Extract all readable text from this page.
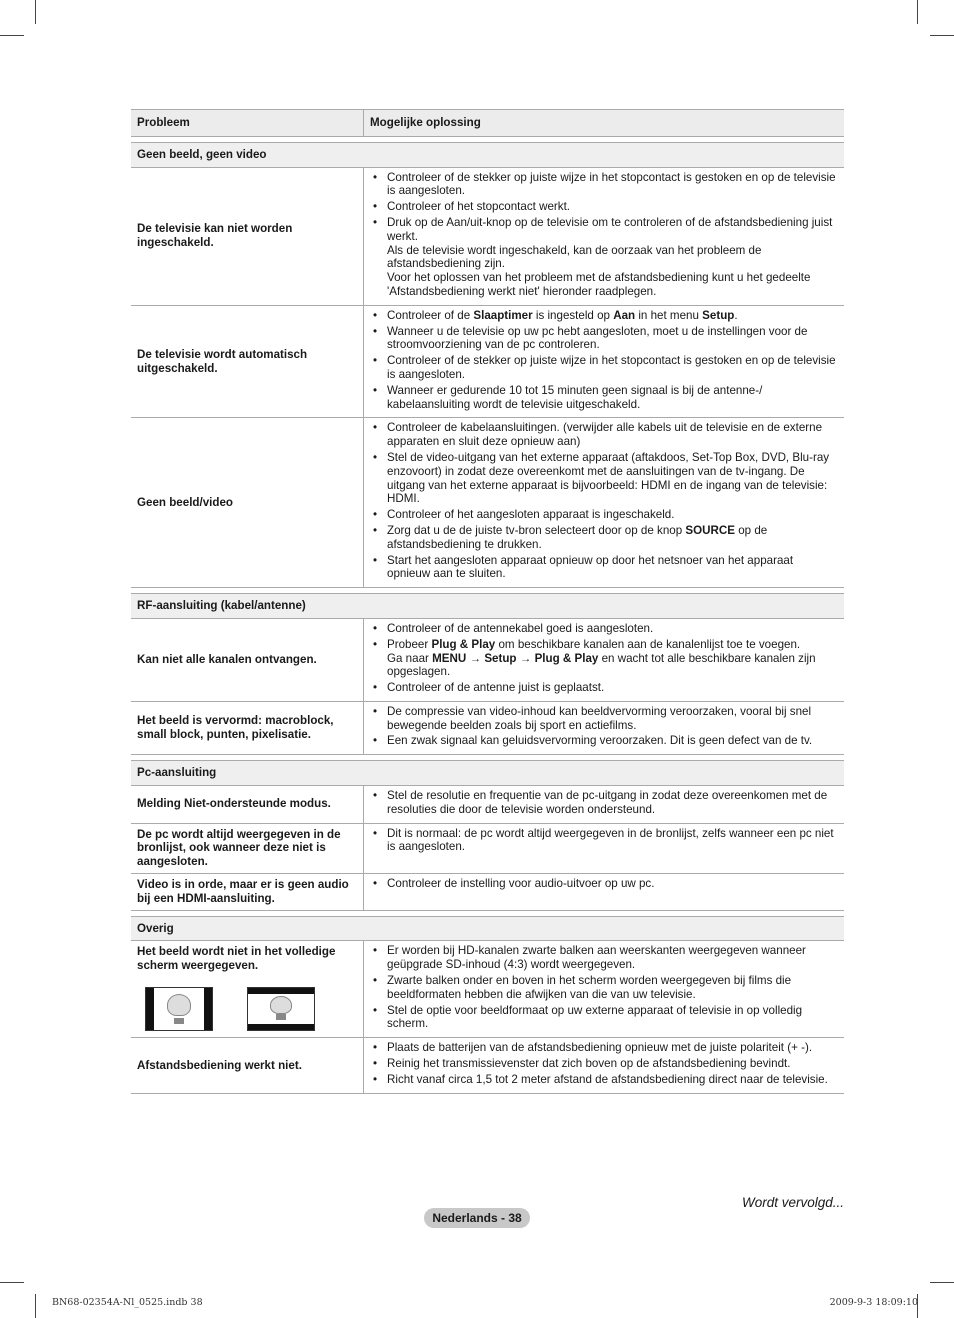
Probleem	Mogelijke oplossing
Geen beeld, geen video
De televisie kan niet worden ingeschakeld.
• Controleer of de stekker op juiste wijze in het stopcontact is gestoken en op de televisie is aangesloten.
• Controleer of het stopcontact werkt.
• Druk op de Aan/uit-knop op de televisie om te controleren of de afstandsbediening juist werkt.
Als de televisie wordt ingeschakeld, kan de oorzaak van het probleem de afstandsbediening zijn.
Voor het oplossen van het probleem met de afstandsbediening kunt u het gedeelte 'Afstandsbediening werkt niet' hieronder raadplegen.
De televisie wordt automatisch uitgeschakeld.
• Controleer of de Slaaptimer is ingesteld op Aan in het menu Setup.
• Wanneer u de televisie op uw pc hebt aangesloten, moet u de instellingen voor de stroomvoorziening van de pc controleren.
• Controleer of de stekker op juiste wijze in het stopcontact is gestoken en op de televisie is aangesloten.
• Wanneer er gedurende 10 tot 15 minuten geen signaal is bij de antenne-/ kabelaansluiting wordt de televisie uitgeschakeld.
Geen beeld/video
• Controleer de kabelaansluitingen. (verwijder alle kabels uit de televisie en de externe apparaten en sluit deze opnieuw aan)
• Stel de video-uitgang van het externe apparaat (aftakdoos, Set-Top Box, DVD, Blu-ray enzovoort) in zodat deze overeenkomt met de aansluitingen van de tv-ingang. De uitgang van het externe apparaat is bijvoorbeeld: HDMI en de ingang van de televisie: HDMI.
• Controleer of het aangesloten apparaat is ingeschakeld.
• Zorg dat u de de juiste tv-bron selecteert door op de knop SOURCE op de afstandsbediening te drukken.
• Start het aangesloten apparaat opnieuw op door het netsnoer van het apparaat opnieuw aan te sluiten.
RF-aansluiting (kabel/antenne)
Kan niet alle kanalen ontvangen.
• Controleer of de antennekabel goed is aangesloten.
• Probeer Plug & Play om beschikbare kanalen aan de kanalenlijst toe te voegen.
Ga naar MENU → Setup → Plug & Play en wacht tot alle beschikbare kanalen zijn opgeslagen.
• Controleer of de antenne juist is geplaatst.
Het beeld is vervormd: macroblock, small block, punten, pixelisatie.
• De compressie van video-inhoud kan beeldvervorming veroorzaken, vooral bij snel bewegende beelden zoals bij sport en actiefilms.
• Een zwak signaal kan geluidsvervorming veroorzaken. Dit is geen defect van de tv.
Pc-aansluiting
Melding Niet-ondersteunde modus.
• Stel de resolutie en frequentie van de pc-uitgang in zodat deze overeenkomen met de resoluties die door de televisie worden ondersteund.
De pc wordt altijd weergegeven in de bronlijst, ook wanneer deze niet is aangesloten.
• Dit is normaal: de pc wordt altijd weergegeven in de bronlijst, zelfs wanneer een pc niet is aangesloten.
Video is in orde, maar er is geen audio bij een HDMI-aansluiting.
• Controleer de instelling voor audio-uitvoer op uw pc.
Overig
Het beeld wordt niet in het volledige scherm weergegeven.
• Er worden bij HD-kanalen zwarte balken aan weerskanten weergegeven wanneer geüpgrade SD-inhoud (4:3) wordt weergegeven.
• Zwarte balken onder en boven in het scherm worden weergegeven bij films die beeldformaten hebben die afwijken van die van uw televisie.
• Stel de optie voor beeldformaat op uw externe apparaat of televisie in op volledig scherm.
Afstandsbediening werkt niet.
• Plaats de batterijen van de afstandsbediening opnieuw met de juiste polariteit (+ -).
• Reinig het transmissievenster dat zich boven op de afstandsbediening bevindt.
• Richt vanaf circa 1,5 tot 2 meter afstand de afstandsbediening direct naar de televisie.
Wordt vervolgd...
Nederlands - 38
BN68-02354A-Nl_0525.indb 38	2009-9-3 18:09:10
